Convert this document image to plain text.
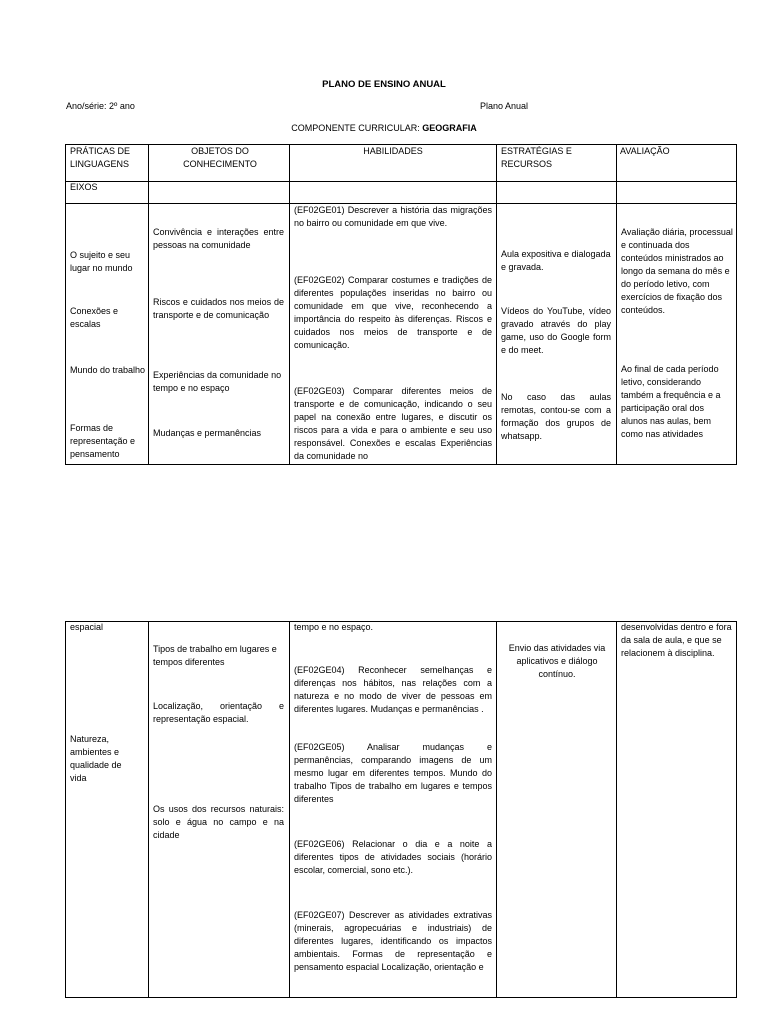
PLANO DE ENSINO ANUAL
Ano/série: 2º ano	Plano Anual
COMPONENTE CURRICULAR: GEOGRAFIA
PRÁTICAS DE LINGUAGENS
OBJETOS DO CONHECIMENTO
HABILIDADES	ESTRATÉGIAS E RECURSOS
AVALIAÇÃO
EIXOS
O sujeito e seu lugar no mundo
Conexões e escalas
Mundo do trabalho
Formas de representação e pensamento
Convivência e interações entre pessoas na comunidade
Riscos e cuidados nos meios de transporte e de comunicação
Experiências da comunidade no tempo e no espaço
Mudanças e permanências
(EF02GE01) Descrever a história das migrações no bairro ou comunidade em que vive.
(EF02GE02) Comparar costumes e tradições de diferentes populações inseridas no bairro ou comunidade em que vive, reconhecendo a importância do respeito às diferenças. Riscos e cuidados nos meios de transporte e de comunicação.
(EF02GE03) Comparar diferentes meios de transporte e de comunicação, indicando o seu papel na conexão entre lugares, e discutir os riscos para a vida e para o ambiente e seu uso responsável. Conexões e escalas Experiências da comunidade no
Aula expositiva e dialogada e gravada.
Vídeos do YouTube, vídeo gravado através do play game, uso do Google form e do meet.
No caso das aulas remotas, contou-se com a formação dos grupos de whatsapp.
Avaliação diária, processual e continuada dos conteúdos ministrados ao longo da semana do mês e do período letivo, com exercícios de fixação dos conteúdos.
Ao final de cada período letivo, considerando também a frequência e a participação oral dos alunos nas aulas, bem como nas atividades
espacial
Natureza, ambientes e qualidade de vida
Tipos de trabalho em lugares e tempos diferentes
Localização, orientação e representação espacial.
Os usos dos recursos naturais: solo e água no campo e na cidade
tempo e no espaço.
(EF02GE04) Reconhecer semelhanças e diferenças nos hábitos, nas relações com a natureza e no modo de viver de pessoas em diferentes lugares. Mudanças e permanências .
(EF02GE05) Analisar mudanças e permanências, comparando imagens de um mesmo lugar em diferentes tempos. Mundo do trabalho Tipos de trabalho em lugares e tempos diferentes
(EF02GE06) Relacionar o dia e a noite a diferentes tipos de atividades sociais (horário escolar, comercial, sono etc.).
(EF02GE07) Descrever as atividades extrativas (minerais, agropecuárias e industriais) de diferentes lugares, identificando os impactos ambientais. Formas de representação e pensamento espacial Localização, orientação e
Envio das atividades via aplicativos e diálogo contínuo.
desenvolvidas dentro e fora da sala de aula, e que se relacionem à disciplina.
